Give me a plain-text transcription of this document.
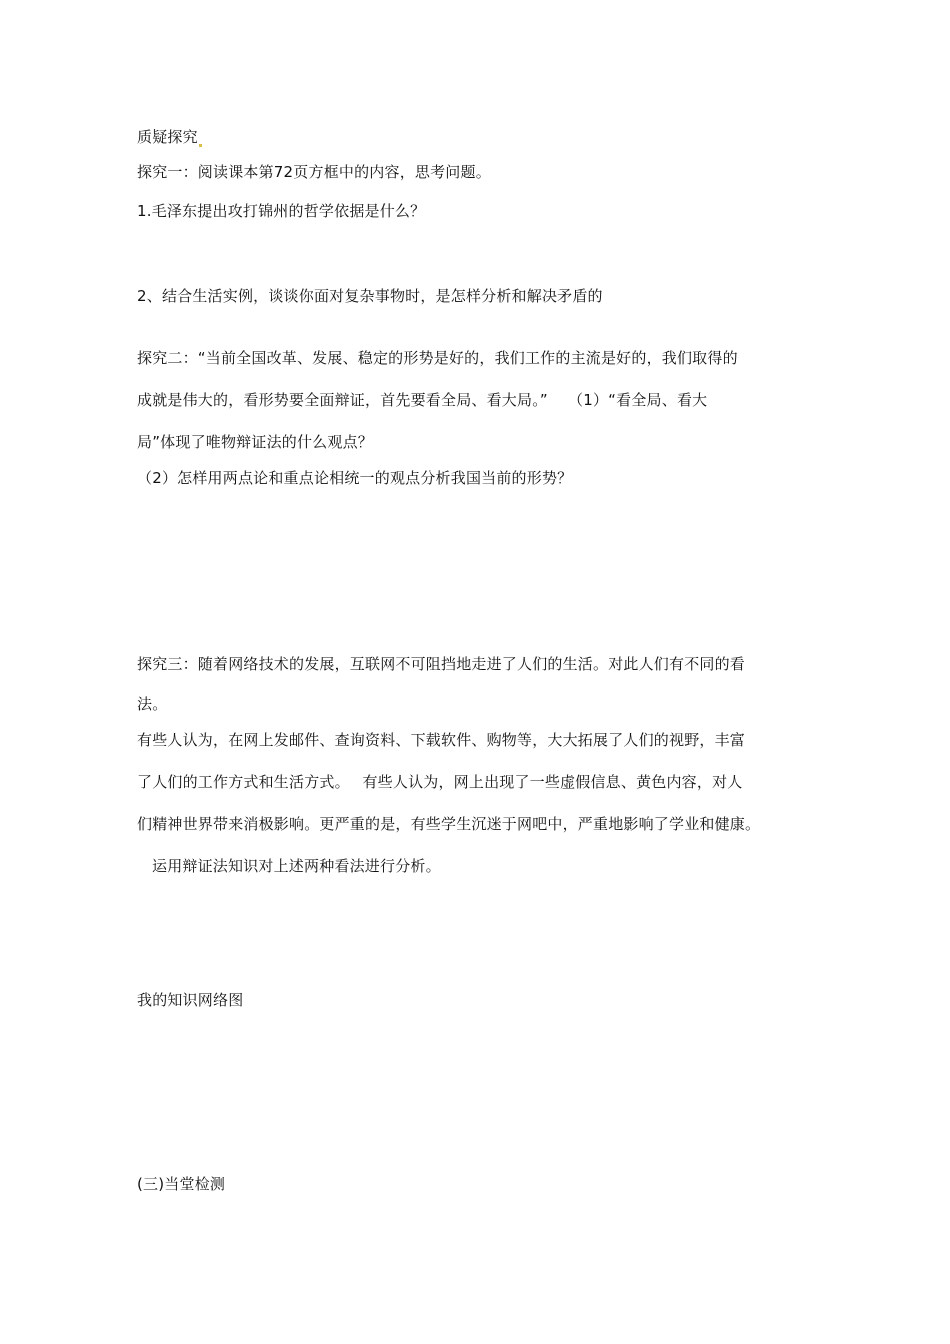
质疑探究
探究一：阅读课本第72页方框中的内容，思考问题。
1.毛泽东提出攻打锦州的哲学依据是什么？
2、结合生活实例，谈谈你面对复杂事物时，是怎样分析和解决矛盾的
探究二：“当前全国改革、发展、稳定的形势是好的，我们工作的主流是好的，我们取得的
成就是伟大的，看形势要全面辩证，首先要看全局、看大局。”　 （1）“看全局、看大
局”体现了唯物辩证法的什么观点？
（2）怎样用两点论和重点论相统一的观点分析我国当前的形势？
探究三：随着网络技术的发展，互联网不可阻挡地走进了人们的生活。对此人们有不同的看
法。
有些人认为，在网上发邮件、查询资料、下载软件、购物等，大大拓展了人们的视野，丰富
了人们的工作方式和生活方式。　 有些人认为，网上出现了一些虚假信息、黄色内容，对人
们精神世界带来消极影响。更严重的是，有些学生沉迷于网吧中，严重地影响了学业和健康。
运用辩证法知识对上述两种看法进行分析。
我的知识网络图
(三)当堂检测
